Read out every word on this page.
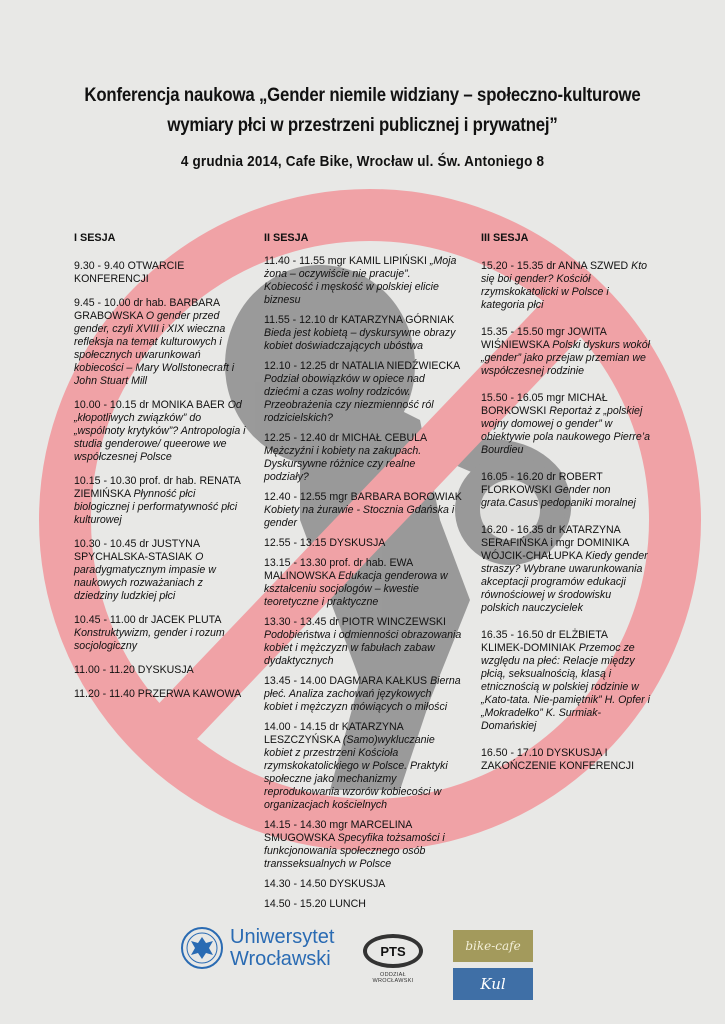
Konferencja naukowa „Gender niemile widziany – społeczno-kulturowe
wymiary płci w przestrzeni publicznej i prywatnej”
4 grudnia 2014, Cafe Bike, Wrocław ul. Św. Antoniego 8
I SESJA
9.30 - 9.40 OTWARCIE KONFERENCJI
9.45 - 10.00 dr hab. BARBARA GRABOWSKA O gender przed gender, czyli XVIII i XIX wieczna refleksja na temat kulturowych i społecznych uwarunkowań kobiecości – Mary Wollstonecraft i John Stuart Mill
10.00 - 10.15 dr MONIKA BAER Od „kłopotliwych związków” do „wspólnoty krytyków”? Antropologia i studia genderowe/ queerowe we współczesnej Polsce
10.15 - 10.30 prof. dr hab. RENATA ZIEMIŃSKA Płynność płci biologicznej i performatywność płci kulturowej
10.30 - 10.45 dr JUSTYNA SPYCHALSKA-STASIAK O paradygmatycznym impasie w naukowych rozważaniach z dziedziny ludzkiej płci
10.45 - 11.00 dr JACEK PLUTA Konstruktywizm, gender i rozum socjologiczny
11.00 - 11.20 DYSKUSJA
11.20 - 11.40 PRZERWA KAWOWA
II SESJA
11.40 - 11.55 mgr KAMIL LIPIŃSKI „Moja żona – oczywiście nie pracuje”. Kobiecość i męskość w polskiej elicie biznesu
11.55 - 12.10 dr KATARZYNA GÓRNIAK Bieda jest kobietą – dyskursywne obrazy kobiet doświadczających ubóstwa
12.10 - 12.25 dr NATALIA NIEDŹWIECKA Podział obowiązków w opiece nad dziećmi a czas wolny rodziców. Przeobrażenia czy niezmienność ról rodzicielskich?
12.25 - 12.40 dr MICHAŁ CEBULA Mężczyźni i kobiety na zakupach. Dyskursywne różnice czy realne podziały?
12.40 - 12.55 mgr BARBARA BOROWIAK Kobiety na żurawie - Stocznia Gdańska i gender
12.55 - 13.15 DYSKUSJA
13.15 - 13.30 prof. dr hab. EWA MALINOWSKA Edukacja genderowa w kształceniu socjologów – kwestie teoretyczne i praktyczne
13.30 - 13.45 dr PIOTR WINCZEWSKI Podobieństwa i odmienności obrazowania kobiet i mężczyzn w fabułach zabaw dydaktycznych
13.45 - 14.00 DAGMARA KAŁKUS Bierna płeć. Analiza zachowań językowych kobiet i mężczyzn mówiących o miłości
14.00 - 14.15 dr KATARZYNA LESZCZYŃSKA (Samo)wykluczanie kobiet z przestrzeni Kościoła rzymskokatolickiego w Polsce. Praktyki społeczne jako mechanizmy reprodukowania wzorów kobiecości w organizacjach kościelnych
14.15 - 14.30 mgr MARCELINA SMUGOWSKA Specyfika tożsamości i funkcjonowania społecznego osób transseksualnych w Polsce
14.30 - 14.50 DYSKUSJA
14.50 - 15.20 LUNCH
III SESJA
15.20 - 15.35 dr ANNA SZWED Kto się boi gender? Kościół rzymskokatolicki w Polsce i kategoria płci
15.35 - 15.50 mgr JOWITA WIŚNIEWSKA Polski dyskurs wokół „gender” jako przejaw przemian we współczesnej rodzinie
15.50 - 16.05 mgr MICHAŁ BORKOWSKI Reportaż z „polskiej wojny domowej o gender” w obiektywie pola naukowego Pierre’a Bourdieu
16.05 - 16.20 dr ROBERT FLORKOWSKI Gender non grata.Casus pedopaniki moralnej
16.20 - 16.35 dr KATARZYNA SERAFIŃSKA i mgr DOMINIKA WÓJCIK-CHAŁUPKA Kiedy gender straszy? Wybrane uwarunkowania akceptacji programów edukacji równościowej w środowisku polskich nauczycielek
16.35 - 16.50 dr ELŻBIETA KLIMEK-DOMINIAK Przemoc ze względu na płeć: Relacje między płcią, seksualnością, klasą i etnicznością w polskiej rodzinie w „Kato-tata. Nie-pamiętnik” H. Opfer i „Mokradełko” K. Surmiak-Domańskiej
16.50 - 17.10 DYSKUSJA I ZAKOŃCZENIE KONFERENCJI
Uniwersytet
Wrocławski	PTS
ODDZIAŁ WROCŁAWSKI
bike-cafe
Kul
